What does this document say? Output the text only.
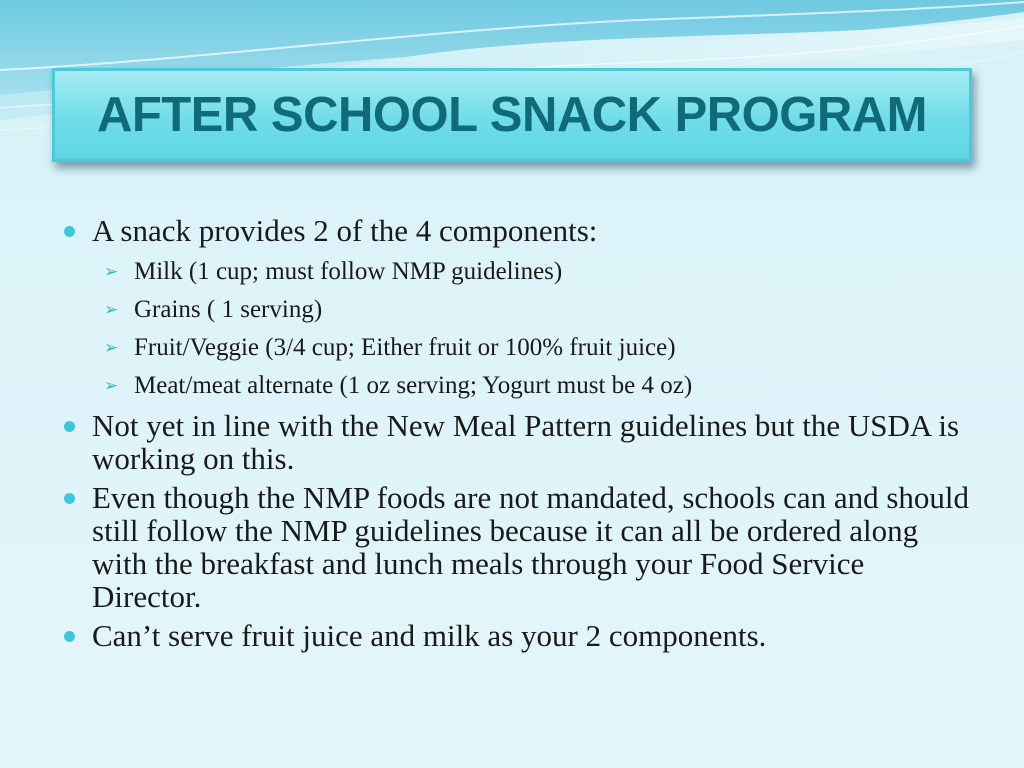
AFTER SCHOOL SNACK PROGRAM
A snack provides 2 of the 4 components:
➢ Milk (1 cup; must follow NMP guidelines)
➢ Grains ( 1 serving)
➢ Fruit/Veggie (3/4 cup; Either fruit or 100% fruit juice)
➢ Meat/meat alternate (1 oz serving; Yogurt must be 4 oz)
Not yet in line with the New Meal Pattern guidelines but the USDA is working on this.
Even though the NMP foods are not mandated, schools can and should still follow the NMP guidelines because it can all be ordered along with the breakfast and lunch meals through your Food Service Director.
Can’t serve fruit juice and milk as your 2 components.
